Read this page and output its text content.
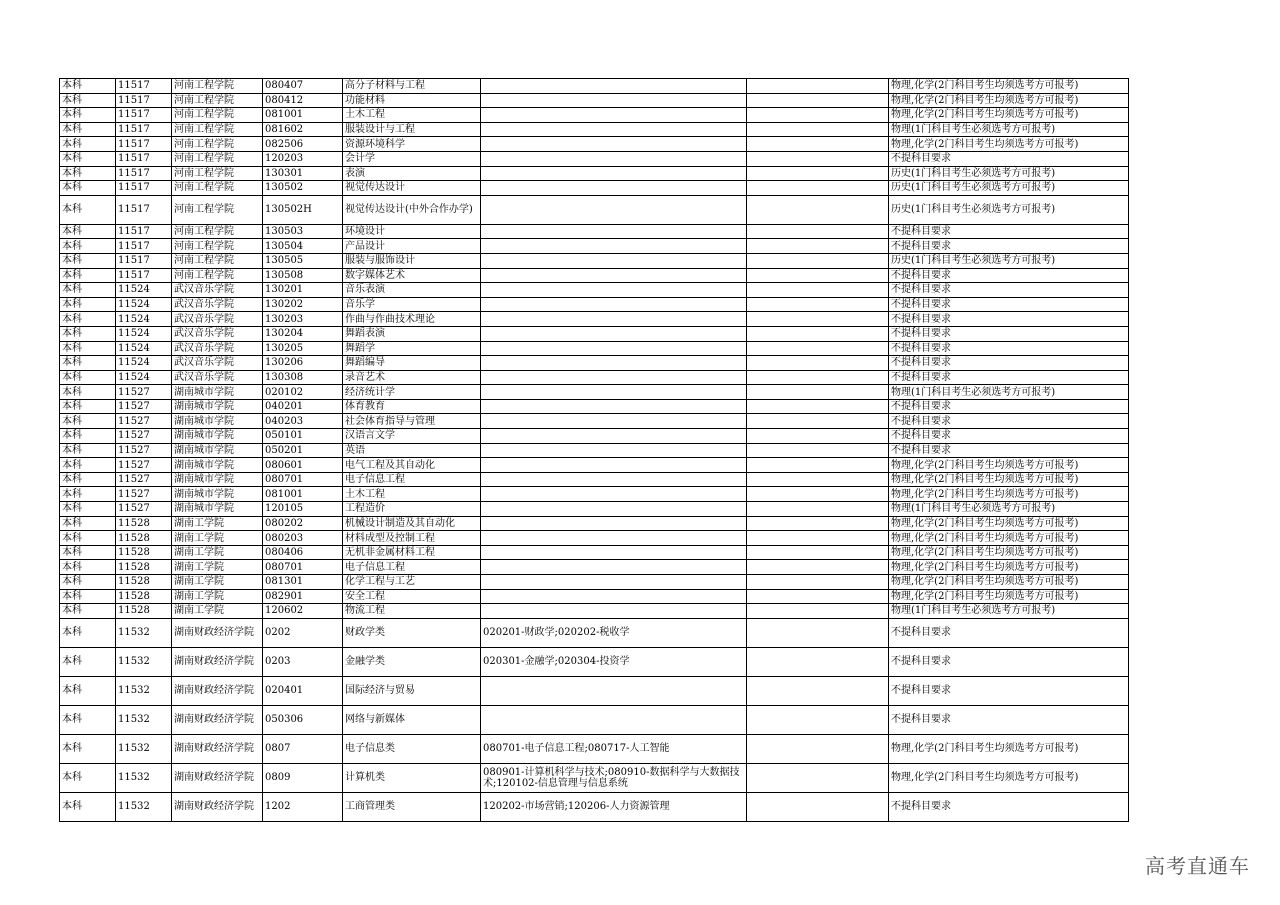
本科	11517	河南工程学院	080407	高分子材料与工程			物理,化学(2门科目考生均须选考方可报考)
本科	11517	河南工程学院	080412	功能材料			物理,化学(2门科目考生均须选考方可报考)
本科	11517	河南工程学院	081001	土木工程			物理,化学(2门科目考生均须选考方可报考)
本科	11517	河南工程学院	081602	服装设计与工程			物理(1门科目考生必须选考方可报考)
本科	11517	河南工程学院	082506	资源环境科学			物理,化学(2门科目考生均须选考方可报考)
本科	11517	河南工程学院	120203	会计学			不提科目要求
本科	11517	河南工程学院	130301	表演			历史(1门科目考生必须选考方可报考)
本科	11517	河南工程学院	130502	视觉传达设计			历史(1门科目考生必须选考方可报考)
本科	11517	河南工程学院	130502H	视觉传达设计(中外合作办学)			历史(1门科目考生必须选考方可报考)
本科	11517	河南工程学院	130503	环境设计			不提科目要求
本科	11517	河南工程学院	130504	产品设计			不提科目要求
本科	11517	河南工程学院	130505	服装与服饰设计			历史(1门科目考生必须选考方可报考)
本科	11517	河南工程学院	130508	数字媒体艺术			不提科目要求
本科	11524	武汉音乐学院	130201	音乐表演			不提科目要求
本科	11524	武汉音乐学院	130202	音乐学			不提科目要求
本科	11524	武汉音乐学院	130203	作曲与作曲技术理论			不提科目要求
本科	11524	武汉音乐学院	130204	舞蹈表演			不提科目要求
本科	11524	武汉音乐学院	130205	舞蹈学			不提科目要求
本科	11524	武汉音乐学院	130206	舞蹈编导			不提科目要求
本科	11524	武汉音乐学院	130308	录音艺术			不提科目要求
本科	11527	湖南城市学院	020102	经济统计学			物理(1门科目考生必须选考方可报考)
本科	11527	湖南城市学院	040201	体育教育			不提科目要求
本科	11527	湖南城市学院	040203	社会体育指导与管理			不提科目要求
本科	11527	湖南城市学院	050101	汉语言文学			不提科目要求
本科	11527	湖南城市学院	050201	英语			不提科目要求
本科	11527	湖南城市学院	080601	电气工程及其自动化			物理,化学(2门科目考生均须选考方可报考)
本科	11527	湖南城市学院	080701	电子信息工程			物理,化学(2门科目考生均须选考方可报考)
本科	11527	湖南城市学院	081001	土木工程			物理,化学(2门科目考生均须选考方可报考)
本科	11527	湖南城市学院	120105	工程造价			物理(1门科目考生必须选考方可报考)
本科	11528	湖南工学院	080202	机械设计制造及其自动化			物理,化学(2门科目考生均须选考方可报考)
本科	11528	湖南工学院	080203	材料成型及控制工程			物理,化学(2门科目考生均须选考方可报考)
本科	11528	湖南工学院	080406	无机非金属材料工程			物理,化学(2门科目考生均须选考方可报考)
本科	11528	湖南工学院	080701	电子信息工程			物理,化学(2门科目考生均须选考方可报考)
本科	11528	湖南工学院	081301	化学工程与工艺			物理,化学(2门科目考生均须选考方可报考)
本科	11528	湖南工学院	082901	安全工程			物理,化学(2门科目考生均须选考方可报考)
本科	11528	湖南工学院	120602	物流工程			物理(1门科目考生必须选考方可报考)
本科	11532	湖南财政经济学院	0202	财政学类	020201-财政学;020202-税收学		不提科目要求
本科	11532	湖南财政经济学院	0203	金融学类	020301-金融学;020304-投资学		不提科目要求
本科	11532	湖南财政经济学院	020401	国际经济与贸易			不提科目要求
本科	11532	湖南财政经济学院	050306	网络与新媒体			不提科目要求
本科	11532	湖南财政经济学院	0807	电子信息类	080701-电子信息工程;080717-人工智能		物理,化学(2门科目考生均须选考方可报考)
本科	11532	湖南财政经济学院	0809	计算机类	080901-计算机科学与技术;080910-数据科学与大数据技术;120102-信息管理与信息系统		物理,化学(2门科目考生均须选考方可报考)
本科	11532	湖南财政经济学院	1202	工商管理类	120202-市场营销;120206-人力资源管理		不提科目要求
高考直通车
